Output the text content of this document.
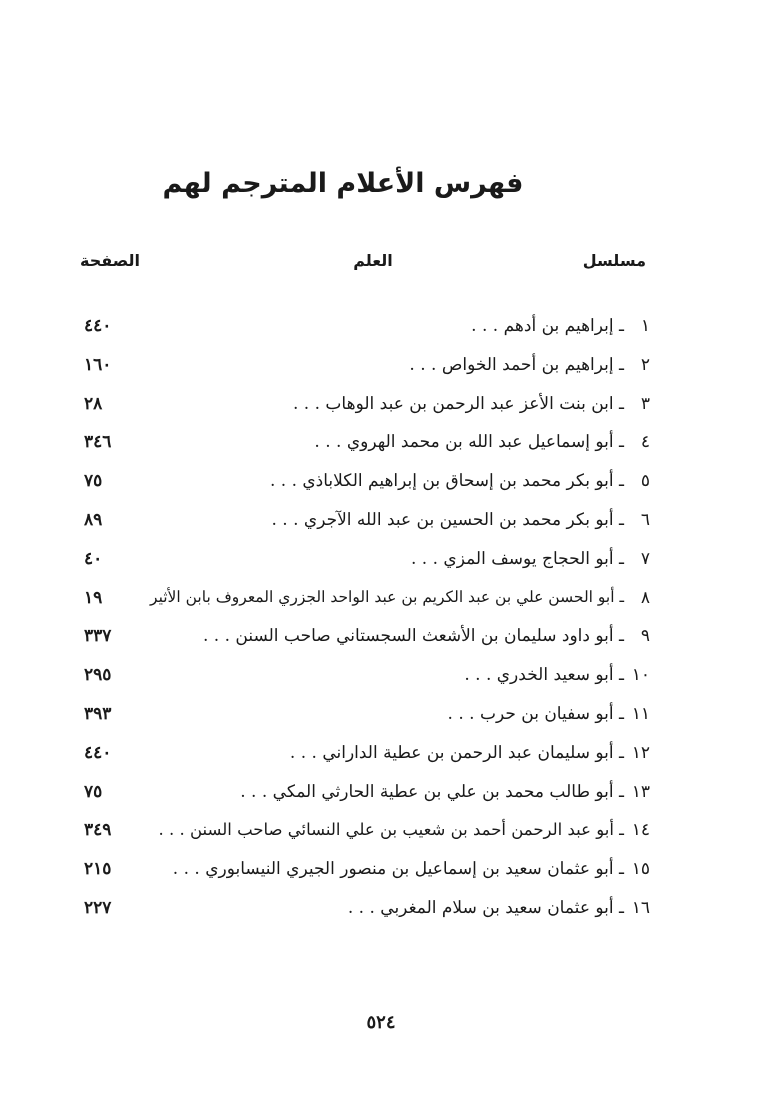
فهرس الأعلام المترجم لهم
مسلسل
العلم
الصفحة
١
ـ إبراهيم بن أدهم . . .
٤٤٠
٢
ـ إبراهيم بن أحمد الخواص . . .
١٦٠
٣
ـ ابن بنت الأعز عبد الرحمن بن عبد الوهاب . . .
٢٨
٤
ـ أبو إسماعيل عبد الله بن محمد الهروي . . .
٣٤٦
٥
ـ أبو بكر محمد بن إسحاق بن إبراهيم الكلاباذي . . .
٧٥
٦
ـ أبو بكر محمد بن الحسين بن عبد الله الآجري . . .
٨٩
٧
ـ أبو الحجاج يوسف المزي . . .
٤٠
٨
ـ أبو الحسن علي بن عبد الكريم بن عبد الواحد الجزري المعروف بابن الأثير
١٩
٩
ـ أبو داود سليمان بن الأشعث السجستاني صاحب السنن . . .
٣٣٧
١٠
ـ أبو سعيد الخدري . . .
٢٩٥
١١
ـ أبو سفيان بن حرب . . .
٣٩٣
١٢
ـ أبو سليمان عبد الرحمن بن عطية الداراني . . .
٤٤٠
١٣
ـ أبو طالب محمد بن علي بن عطية الحارثي المكي . . .
٧٥
١٤
ـ أبو عبد الرحمن أحمد بن شعيب بن علي النسائي صاحب السنن . . .
٣٤٩
١٥
ـ أبو عثمان سعيد بن إسماعيل بن منصور الجيري النيسابوري . . .
٢١٥
١٦
ـ أبو عثمان سعيد بن سلام المغربي . . .
٢٢٧
٥٢٤
